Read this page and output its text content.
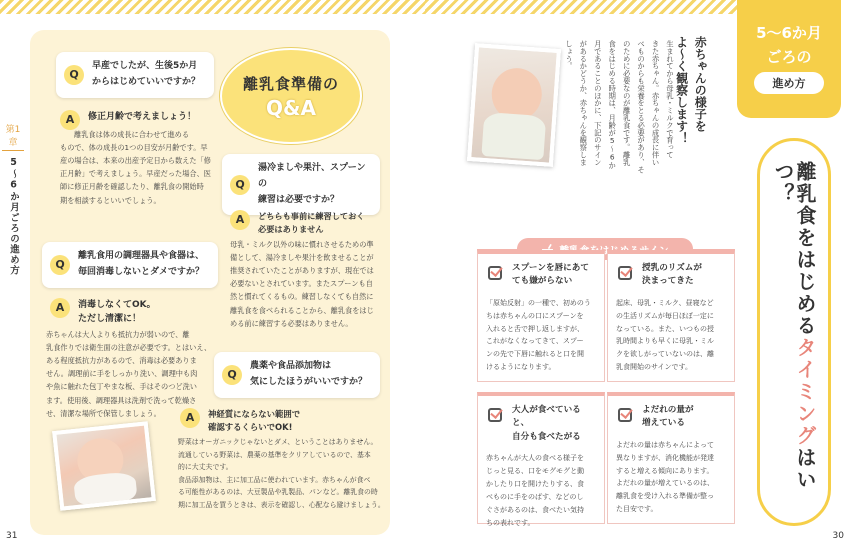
第1章
5〜6か月ごろの進め方
離乳食準備の
Q&A
Q
早産でしたが、生後5か月
からはじめていいですか？
A	修正月齢で考えましょう！
離乳食は体の成長に合わせて進める
もので、体の成長の1つの目安が月齢です。早
産の場合は、本来の出産予定日から数えた「修
正月齢」で考えましょう。早産だった場合、医
師に修正月齢を確認したり、離乳食の開始時
期を相談するといいでしょう。
Q
湯冷ましや果汁、スプーンの
練習は必要ですか？
A	どちらも事前に練習しておく
必要はありません
母乳・ミルク以外の味に慣れさせるための準
備として、湯冷ましや果汁を飲ませることが
推奨されていたことがありますが、現在では
必要ないとされています。またスプーンも自
然と慣れてくるもの。練習しなくても自然に
離乳食を食べられることから、離乳食をはじ
める前に練習する必要はありません。
Q
離乳食用の調理器具や食器は、
毎回消毒しないとダメですか？
A	消毒しなくてOK。
ただし清潔に！
赤ちゃんは大人よりも抵抗力が弱いので、離
乳食作りでは衛生面の注意が必要です。とはいえ、
ある程度抵抗力があるので、消毒は必要ありま
せん。調理前に手をしっかり洗い、調理中も肉
や魚に触れた包丁やまな板、手はそのつど洗い
ます。使用後、調理器具は洗剤で洗って乾燥さ
せ、清潔な場所で保管しましょう。
Q
農薬や食品添加物は
気にしたほうがいいですか？
A	神経質にならない範囲で
確認するくらいでOK!
野菜はオーガニックじゃないとダメ、ということはありません。
流通している野菜は、農薬の基準をクリアしているので、基本
的に大丈夫です。
食品添加物は、主に加工品に使われています。赤ちゃんが食べ
る可能性があるのは、大豆製品や乳製品、パンなど。離乳食の時
期に加工品を買うときは、表示を確認し、心配なら避けましょう。
31
5〜6か月
ごろの
進め方
赤ちゃんの様子を
よ〜く観察します！
生まれてから母乳・ミルクで育って
きた赤ちゃん。赤ちゃんの成長に伴い
べものからも栄養をとる必要があり、そ
のために必要なのが離乳食です。離乳
食をはじめる時期は、月齢が5〜6か
月であることのほかに、下記のサイン
があるかどうか、赤ちゃんを観察しま
しょう。
離乳食をはじめるタイミングはいつ？
スプーンを唇にあて
ても嫌がらない
「原始反射」の一種で、初めのう
ちは赤ちゃんの口にスプーンを
入れると舌で押し返しますが、
これがなくなってきて、スプー
ンの先で下唇に触れると口を開
けるようになります。
授乳のリズムが
決まってきた
起床、母乳・ミルク、昼寝など
の生活リズムが毎日ほぼ一定に
なっている。また、いつもの授
乳時間よりも早くに母乳・ミル
クを欲しがっていないのは、離
乳食開始のサインです。
大人が食べていると、
自分も食べたがる
赤ちゃんが大人の食べる様子を
じっと見る、口をモグモグと動
かしたり口を開けたりする、食
べものに手をのばす、などのし
ぐさがあるのは、食べたい気持
ちの表れです。
よだれの量が
増えている
よだれの量は赤ちゃんによって
異なりますが、消化機能が発達
すると増える傾向にあります。
よだれの量が増えているのは、
離乳食を受け入れる準備が整っ
た目安です。
30
